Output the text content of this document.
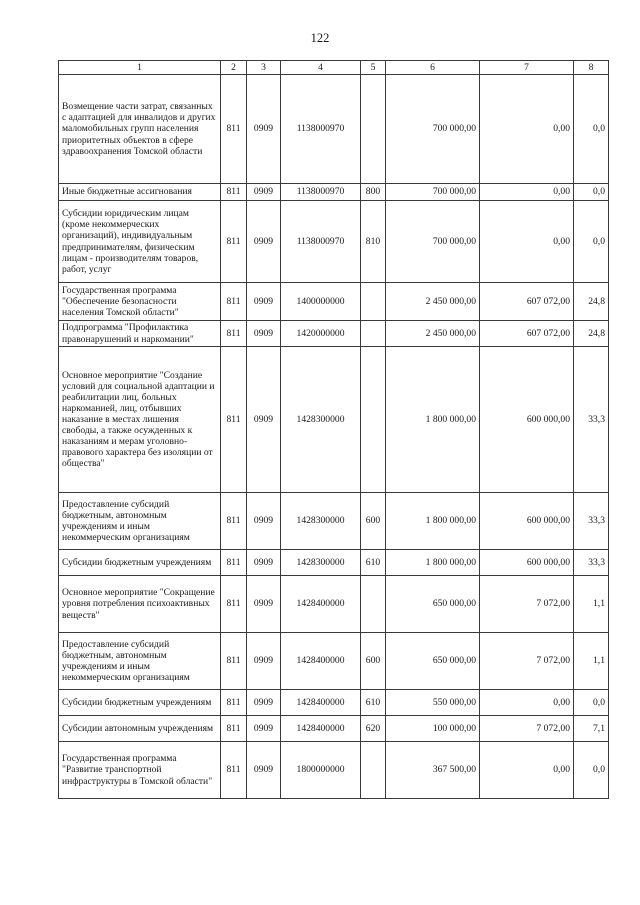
122
1	2	3	4	5	6	7	8
Возмещение части затрат, связанных с адаптацией для инвалидов и других маломобильных групп населения приоритетных объектов в сфере здравоохранения Томской области	811	0909	1138000970		700 000,00	0,00	0,0
Иные бюджетные ассигнования	811	0909	1138000970	800	700 000,00	0,00	0,0
Субсидии юридическим лицам (кроме некоммерческих организаций), индивидуальным предпринимателям, физическим лицам - производителям товаров, работ, услуг	811	0909	1138000970	810	700 000,00	0,00	0,0
Государственная программа "Обеспечение безопасности населения Томской области"	811	0909	1400000000		2 450 000,00	607 072,00	24,8
Подпрограмма "Профилактика правонарушений и наркомании"	811	0909	1420000000		2 450 000,00	607 072,00	24,8
Основное мероприятие "Создание условий для социальной адаптации и реабилитации лиц, больных наркоманией, лиц, отбывших наказание в местах лишения свободы, а также осужденных к наказаниям и мерам уголовно-правового характера без изоляции от общества"	811	0909	1428300000		1 800 000,00	600 000,00	33,3
Предоставление субсидий бюджетным, автономным учреждениям и иным некоммерческим организациям	811	0909	1428300000	600	1 800 000,00	600 000,00	33,3
Субсидии бюджетным учреждениям	811	0909	1428300000	610	1 800 000,00	600 000,00	33,3
Основное мероприятие "Сокращение уровня потребления психоактивных веществ"	811	0909	1428400000		650 000,00	7 072,00	1,1
Предоставление субсидий бюджетным, автономным учреждениям и иным некоммерческим организациям	811	0909	1428400000	600	650 000,00	7 072,00	1,1
Субсидии бюджетным учреждениям	811	0909	1428400000	610	550 000,00	0,00	0,0
Субсидии автономным учреждениям	811	0909	1428400000	620	100 000,00	7 072,00	7,1
Государственная программа "Развитие транспортной инфраструктуры в Томской области"	811	0909	1800000000		367 500,00	0,00	0,0
